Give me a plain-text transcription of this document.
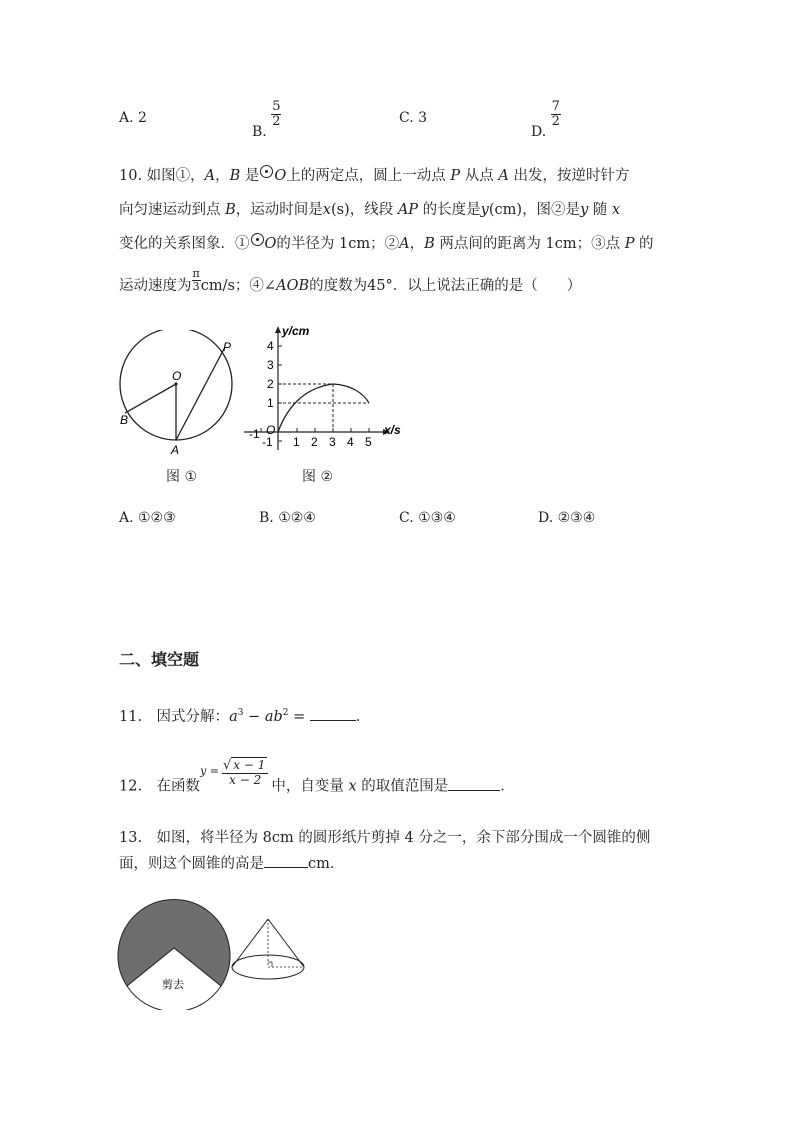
A. 2
B.
$\frac{5}{2}$	C. 3
D.
$\frac{7}{2}$
10. 如图①，A，B 是 O上的两定点，圆上一动点 P 从点 A 出发，按逆时针方
向匀速运动到点 B，运动时间是x(s)，线段 AP 的长度是y(cm)，图②是y 随 x
变化的关系图象．① O的半径为 1cm；②A，B 两点间的距离为 1cm；③点 P 的
运动速度为 $\frac{\pi}{3} cm/s$；④∠AOB的度数为45°．以上说法正确的是（　　）
O
P
B
A
图 ①
y/cm
x/s
4
3
2
1
-1
O
-1
1 2 3 4 5
图 ②
A. ①②③	B. ①②④	C. ①③④	D. ②③④
二、填空题
11.　因式分解：$a^3 - ab^2$ =	．
12.　在函数$y = \frac{√ x - 1}{x - 2}$
中，自变量 x 的取值范围是	．
13.　如图，将半径为 8cm 的圆形纸片剪掉 4 分之一，余下部分围成一个圆锥的侧
面，则这个圆锥的高是	cm．
剪去
